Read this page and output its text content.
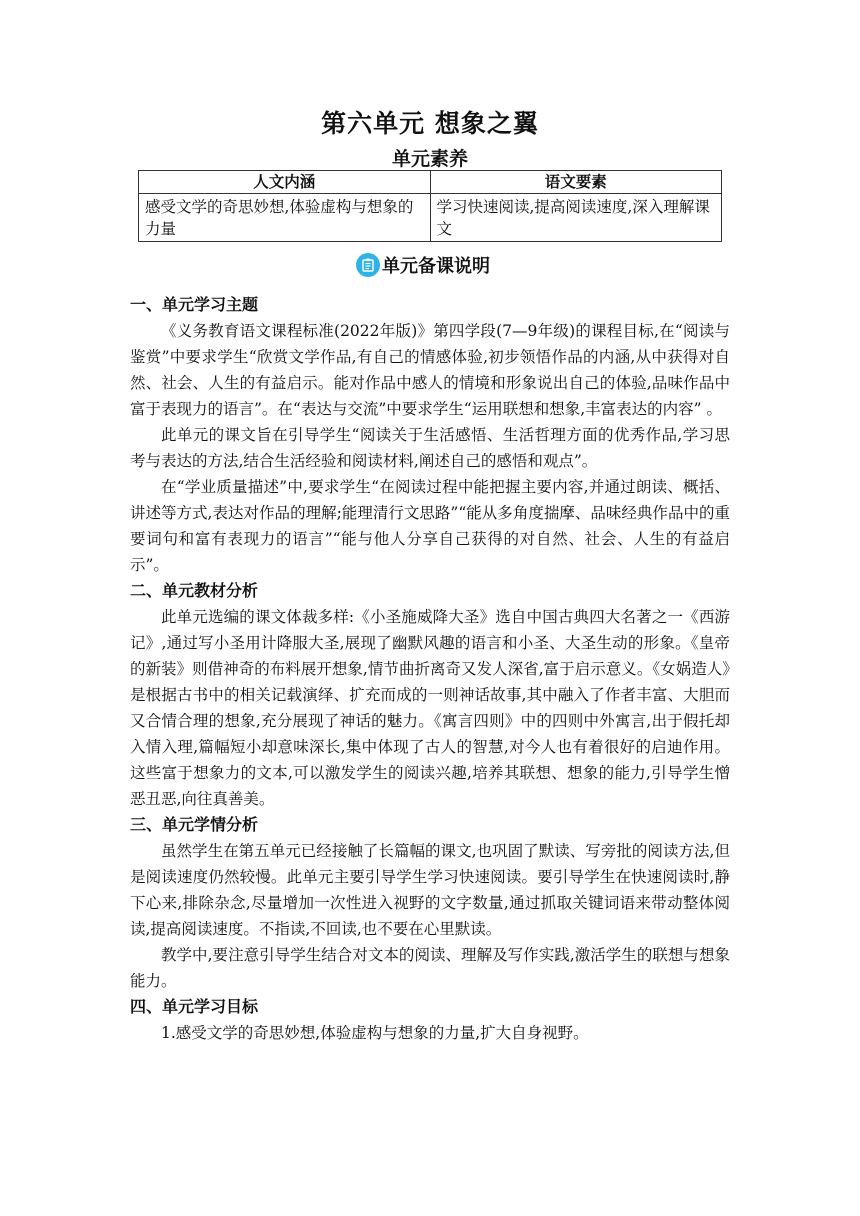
第六单元 想象之翼
单元素养
人文内涵	语文要素
感受文学的奇思妙想,体验虚构与想象的力量	学习快速阅读,提高阅读速度,深入理解课文
单元备课说明
一、单元学习主题

《义务教育语文课程标准(2022年版)》第四学段(7—9年级)的课程目标,在“阅读与鉴赏”中要求学生“欣赏文学作品,有自己的情感体验,初步领悟作品的内涵,从中获得对自然、社会、人生的有益启示。能对作品中感人的情境和形象说出自己的体验,品味作品中富于表现力的语言”。在“表达与交流”中要求学生“运用联想和想象,丰富表达的内容” 。

此单元的课文旨在引导学生“阅读关于生活感悟、生活哲理方面的优秀作品,学习思考与表达的方法,结合生活经验和阅读材料,阐述自己的感悟和观点”。

在“学业质量描述”中,要求学生“在阅读过程中能把握主要内容,并通过朗读、概括、讲述等方式,表达对作品的理解;能理清行文思路”“能从多角度揣摩、品味经典作品中的重要词句和富有表现力的语言”“能与他人分享自己获得的对自然、社会、人生的有益启示”。

二、单元教材分析

此单元选编的课文体裁多样:《小圣施威降大圣》选自中国古典四大名著之一《西游记》,通过写小圣用计降服大圣,展现了幽默风趣的语言和小圣、大圣生动的形象。《皇帝的新装》则借神奇的布料展开想象,情节曲折离奇又发人深省,富于启示意义。《女娲造人》是根据古书中的相关记载演绎、扩充而成的一则神话故事,其中融入了作者丰富、大胆而又合情合理的想象,充分展现了神话的魅力。《寓言四则》中的四则中外寓言,出于假托却入情入理,篇幅短小却意味深长,集中体现了古人的智慧,对今人也有着很好的启迪作用。这些富于想象力的文本,可以激发学生的阅读兴趣,培养其联想、想象的能力,引导学生憎恶丑恶,向往真善美。

三、单元学情分析

虽然学生在第五单元已经接触了长篇幅的课文,也巩固了默读、写旁批的阅读方法,但是阅读速度仍然较慢。此单元主要引导学生学习快速阅读。要引导学生在快速阅读时,静下心来,排除杂念,尽量增加一次性进入视野的文字数量,通过抓取关键词语来带动整体阅读,提高阅读速度。不指读,不回读,也不要在心里默读。

教学中,要注意引导学生结合对文本的阅读、理解及写作实践,激活学生的联想与想象能力。

四、单元学习目标

1.感受文学的奇思妙想,体验虚构与想象的力量,扩大自身视野。
